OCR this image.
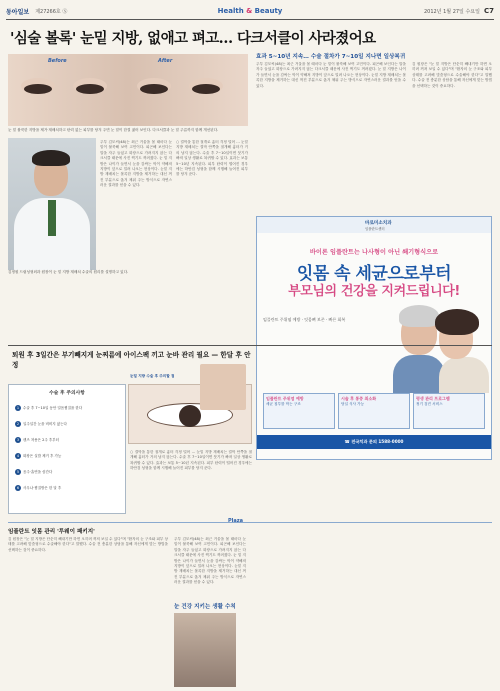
동아일보 제27266호 Ⓢ	Health & Beauty	2012년 1월 27일 수요일 C7
'심술 볼록' 눈밑 지방, 없애고 펴고… 다크서클이 사라졌어요
Before	After
눈 밑 불룩한 지방을 제거·재배치하고 탄력 없는 피부를 당겨 주면 눈 밑이 한결 젊어 보인다. 다크서클과 눈 밑 주름까지 함께 개선된다.
효과 5~10년 지속… 수술 절차가 7~10일 지나면 일상복귀
주부 김모씨(48)는 최근 거울을 볼 때마다 눈 밑이 불룩해 보여 고민이다. 피곤해 보인다는 말을 자주 들었고 화장으로 가려지지 않는 다크서클 때문에 사진 찍기도 꺼려졌다. 눈 밑 지방은 나이가 들면서 눈을 감싸는 막이 약해져 지방이 앞으로 밀려 나오는 현상이다. 눈밑 지방 재배치는 볼록한 지방을 제거하는 대신 꺼진 부분으로 옮겨 채워 주는 방식으로 자연스러운 결과를 얻을 수 있다.
○ 결막을 통한 절개로 흉터 걱정 덜어 … 눈밑 지방 재배치는 결막 안쪽을 절개해 흉터가 거의 남지 않는다. 수술 후 7~10일이면 붓기가 빠져 일상 생활로 복귀할 수 있다. 효과는 보통 5~10년 지속된다. 피부 탄력이 떨어진 경우에는 하안검 성형을 함께 시행해 늘어진 피부를 당겨 준다.
주부 김모씨(48)는 최근 거울을 볼 때마다 눈 밑이 불룩해 보여 고민이다. 피곤해 보인다는 말을 자주 들었고 화장으로 가려지지 않는 다크서클 때문에 사진 찍기도 꺼려졌다. 눈 밑 지방은 나이가 들면서 눈을 감싸는 막이 약해져 지방이 앞으로 밀려 나오는 현상이다. 눈밑 지방 재배치는 볼록한 지방을 제거하는 대신 꺼진 부분으로 옮겨 채워 주는 방식으로 자연스러운 결과를 얻을 수 있다.
김 원장은 "눈 밑 지방은 단순히 빼내기만 하면 오히려 꺼져 보일 수 있다"며 "환자의 눈 구조와 피부 상태를 고려해 맞춤형으로 수술해야 한다"고 말했다. 수술 전 충분한 상담을 통해 자신에게 맞는 방법을 선택하는 것이 중요하다.
김정원 드림성형외과 원장이 눈 밑 지방 재배치 수술의 원리를 설명하고 있다.
바로미소치과
임플란트센터
바이론 임플란트는 나사형이 아닌 쐐기형식으로
잇몸 속 세균으로부터
부모님의 건강을 지켜드립니다!
임플란트 주위염 예방 · 잇몸뼈 보존 · 빠른 회복
임플란트 주위염 예방
세균 침투를 막는 구조
시술 후 통증 최소화
당일 식사 가능
평생 관리 프로그램
정기 검진 서비스
☎ 전국치과 문의 1588-0000
퇴원 후 3일간은 부기빼지게 눈찌름에 아이스팩 끼고 눈바 관리 필요 — 한달 후 안정
수술 후 주의사항
1	수술 후 7~10일 동안 얼음찜질을 한다
2	일주일간 눈을 비비지 않는다
3	렌즈 착용은 2주 후부터
4	화장은 실밥 제거 후 가능
5	음주·흡연을 삼간다
6	사우나·찜질방은 한 달 후
눈밑 지방 수술 후 주의할 점
○ 결막을 통한 절개로 흉터 걱정 덜어 … 눈밑 지방 재배치는 결막 안쪽을 절개해 흉터가 거의 남지 않는다. 수술 후 7~10일이면 붓기가 빠져 일상 생활로 복귀할 수 있다. 효과는 보통 5~10년 지속된다. 피부 탄력이 떨어진 경우에는 하안검 성형을 함께 시행해 늘어진 피부를 당겨 준다.
Plaza
임플란트 잇몸 관리 '투웨이 패키지'
김 원장은 "눈 밑 지방은 단순히 빼내기만 하면 오히려 꺼져 보일 수 있다"며 "환자의 눈 구조와 피부 상태를 고려해 맞춤형으로 수술해야 한다"고 말했다. 수술 전 충분한 상담을 통해 자신에게 맞는 방법을 선택하는 것이 중요하다.
주부 김모씨(48)는 최근 거울을 볼 때마다 눈 밑이 불룩해 보여 고민이다. 피곤해 보인다는 말을 자주 들었고 화장으로 가려지지 않는 다크서클 때문에 사진 찍기도 꺼려졌다. 눈 밑 지방은 나이가 들면서 눈을 감싸는 막이 약해져 지방이 앞으로 밀려 나오는 현상이다. 눈밑 지방 재배치는 볼록한 지방을 제거하는 대신 꺼진 부분으로 옮겨 채워 주는 방식으로 자연스러운 결과를 얻을 수 있다.
눈 건강 지키는 생활 수칙
